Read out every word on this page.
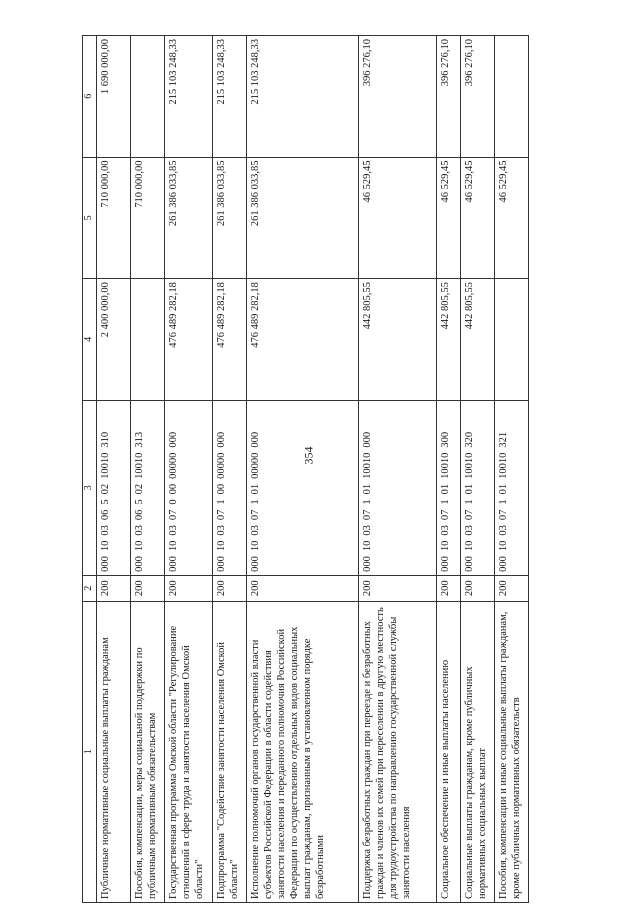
354
1	2	3	4	5	6
Публичные нормативные социальные выплаты гражданам	200	00010030650210010310	2 400 000,00	710 000,00	1 690 000,00
Пособия, компенсации, меры социальной поддержки по публичным нормативным обязательствам	200	00010030650210010313		710 000,00	
Государственная программа Омской области "Регулирование отношений в сфере труда и занятости населения Омской области"	200	00010030700000000000	476 489 282,18	261 386 033,85	215 103 248,33
Подпрограмма "Содействие занятости населения Омской области"	200	00010030710000000000	476 489 282,18	261 386 033,85	215 103 248,33
Исполнение полномочий органов государственной власти субъектов Российской Федерации в области содействия занятости населения и переданного полномочия Российской Федерации по осуществлению отдельных видов социальных выплат гражданам, признанным в установленном порядке безработными	200	00010030710100000000	476 489 282,18	261 386 033,85	215 103 248,33
Поддержка безработных граждан при переезде и безработных граждан и членов их семей при переселении в другую местность для трудоустройства по направлению государственной службы занятости населения	200	00010030710110010000	442 805,55	46 529,45	396 276,10
Социальное обеспечение и иные выплаты населению	200	00010030710110010300	442 805,55	46 529,45	396 276,10
Социальные выплаты гражданам, кроме публичных нормативных социальных выплат	200	00010030710110010320	442 805,55	46 529,45	396 276,10
Пособия, компенсации и иные социальные выплаты гражданам, кроме публичных нормативных обязательств	200	00010030710110010321		46 529,45	
